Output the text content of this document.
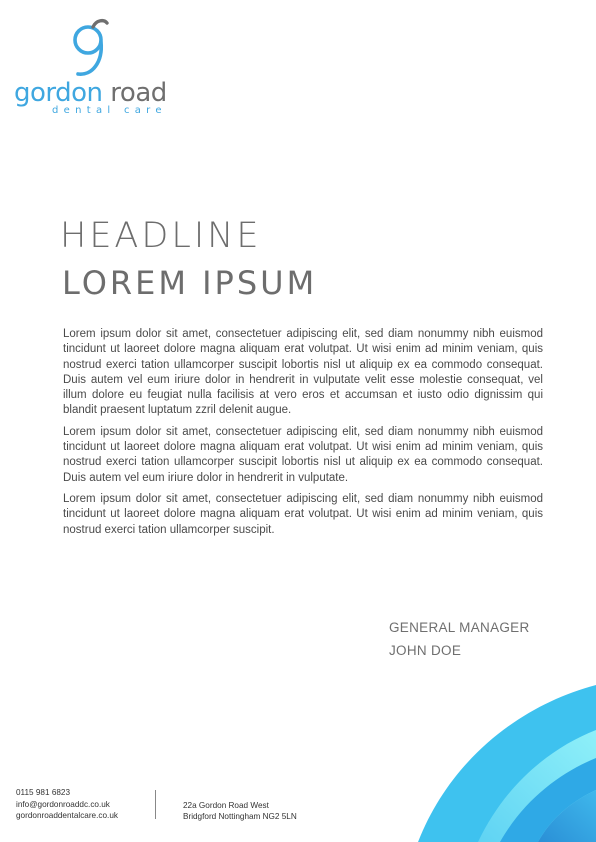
gordon road
dental care
HEADLINE
LOREM IPSUM

Lorem ipsum dolor sit amet, consectetuer adipiscing elit, sed diam nonummy nibh euismod tincidunt ut laoreet dolore magna aliquam erat volutpat. Ut wisi enim ad minim veniam, quis nostrud exerci tation ullamcorper suscipit lobortis nisl ut aliquip ex ea commodo consequat. Duis autem vel eum iriure dolor in hendrerit in vulputate velit esse molestie consequat, vel illum dolore eu feugiat nulla facilisis at vero eros et accumsan et iusto odio dignissim qui blandit praesent luptatum zzril delenit augue.

Lorem ipsum dolor sit amet, consectetuer adipiscing elit, sed diam nonummy nibh euismod tincidunt ut laoreet dolore magna aliquam erat volutpat. Ut wisi enim ad minim veniam, quis nostrud exerci tation ullamcorper suscipit lobortis nisl ut aliquip ex ea commodo consequat. Duis autem vel eum iriure dolor in hendrerit in vulputate.

Lorem ipsum dolor sit amet, consectetuer adipiscing elit, sed diam nonummy nibh euismod tincidunt ut laoreet dolore magna aliquam erat volutpat. Ut wisi enim ad minim veniam, quis nostrud exerci tation ullamcorper suscipit.

GENERAL MANAGER
JOHN DOE
0115 981 6823
info@gordonroaddc.co.uk
gordonroaddentalcare.co.uk
22a Gordon Road West
Bridgford Nottingham NG2 5LN
